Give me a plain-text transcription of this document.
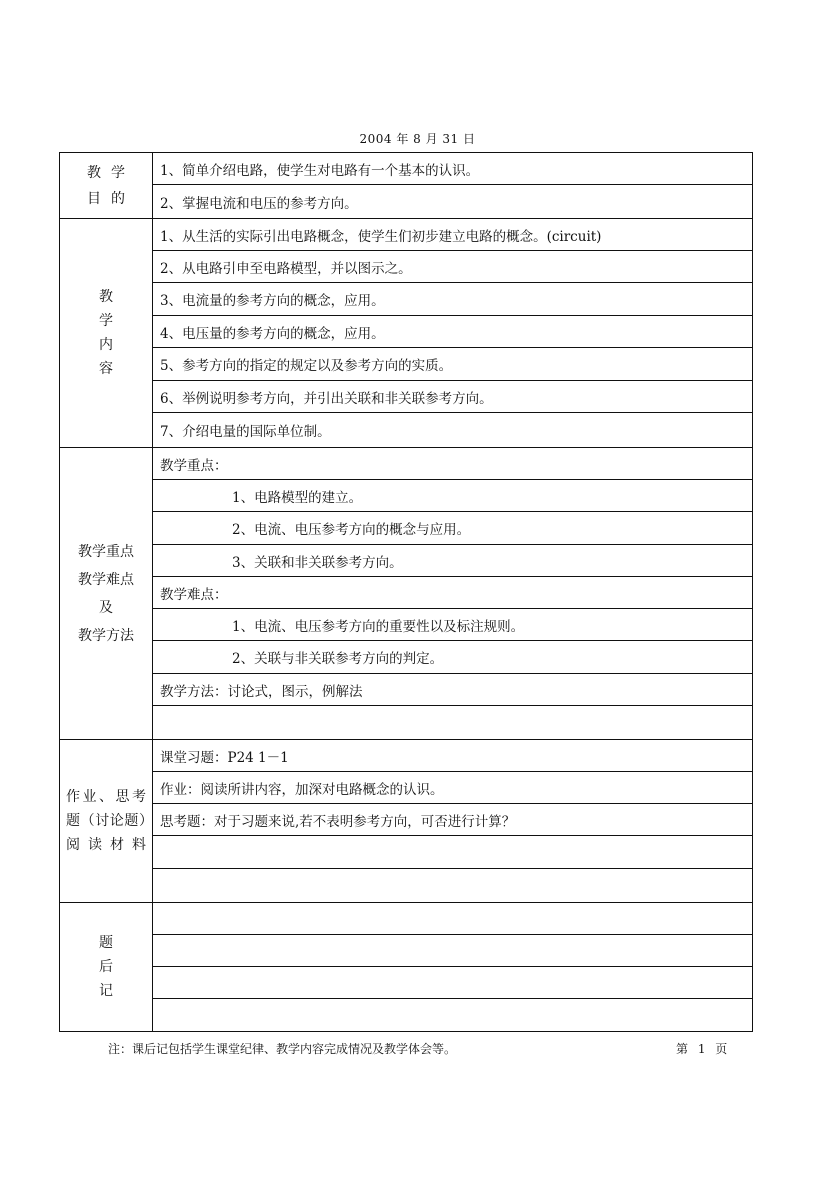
2004 年 8 月 31 日
教学目的
1、简单介绍电路，使学生对电路有一个基本的认识。
2、掌握电流和电压的参考方向。
教
学
内
容
1、从生活的实际引出电路概念，使学生们初步建立电路的概念。(circuit)
2、从电路引申至电路模型，并以图示之。
3、电流量的参考方向的概念，应用。
4、电压量的参考方向的概念，应用。
5、参考方向的指定的规定以及参考方向的实质。
6、举例说明参考方向，并引出关联和非关联参考方向。
7、介绍电量的国际单位制。
教学重点
教学难点
及
教学方法
教学重点：
1、电路模型的建立。
2、电流、电压参考方向的概念与应用。
3、关联和非关联参考方向。
教学难点：
1、电流、电压参考方向的重要性以及标注规则。
2、关联与非关联参考方向的判定。
教学方法：讨论式，图示，例解法
作业、思考题（讨论题）阅读材料
课堂习题：P24 1－1
作业：阅读所讲内容，加深对电路概念的认识。
思考题：对于习题来说,若不表明参考方向，可否进行计算？
题
后
记
注：课后记包括学生课堂纪律、教学内容完成情况及教学体会等。	第 1 页
